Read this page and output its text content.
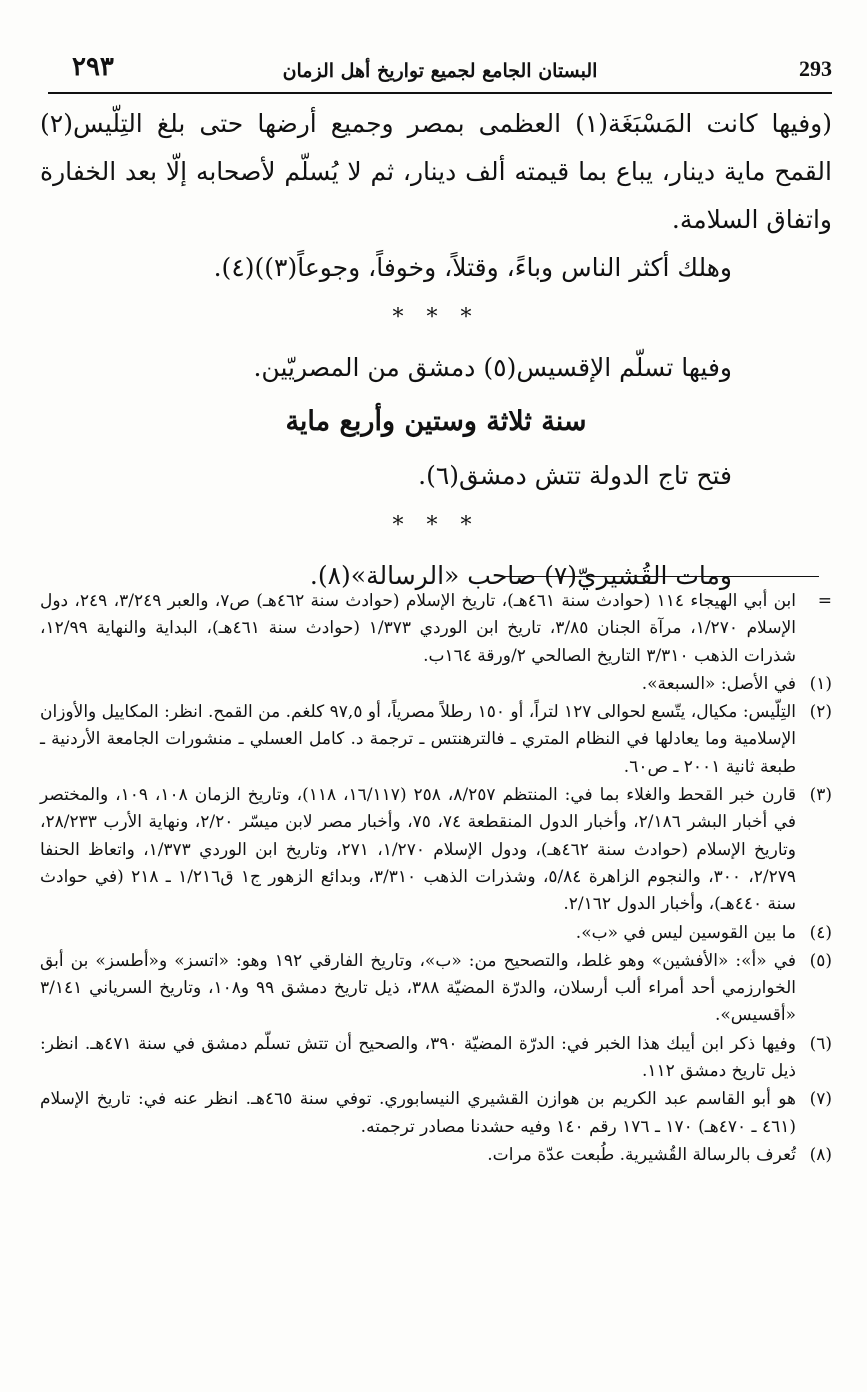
٢٩٣	البستان الجامع لجميع تواريخ أهل الزمان	293

(وفيها كانت المَسْبَغَة(١) العظمى بمصر وجميع أرضها حتى بلغ التِلّيس(٢) القمح ماية دينار، يباع بما قيمته ألف دينار، ثم لا يُسلّم لأصحابه إلّا بعد الخفارة واتفاق السلامة.

وهلك أكثر الناس وباءً، وقتلاً، وخوفاً، وجوعاً(٣))(٤).

* * *

وفيها تسلّم الإقسيس(٥) دمشق من المصريّين.

سنة ثلاثة وستين وأربع ماية

فتح تاج الدولة تتش دمشق(٦).

* * *

ومات القُشيريّ(٧) صاحب «الرسالة»(٨).

=
ابن أبي الهيجاء ١١٤ (حوادث سنة ٤٦١هـ)، تاريخ الإسلام (حوادث سنة ٤٦٢هـ) ص٧، والعبر ٣/٢٤٩، ٢٤٩، دول الإسلام ١/٢٧٠، مرآة الجنان ٣/٨٥، تاريخ ابن الوردي ١/٣٧٣ (حوادث سنة ٤٦١هـ)، البداية والنهاية ١٢/٩٩، شذرات الذهب ٣/٣١٠ التاريخ الصالحي ٢/ورقة ١٦٤ب.

(١)
في الأصل: «السبعة».

(٢)
التِلّيس: مكيال، يتّسع لحوالى ١٢٧ لتراً، أو ١٥٠ رطلاً مصرياً، أو ٩٧,٥ كلغم. من القمح. انظر: المكاييل والأوزان الإسلامية وما يعادلها في النظام المتري ـ فالترهنتس ـ ترجمة د. كامل العسلي ـ منشورات الجامعة الأردنية ـ طبعة ثانية ٢٠٠١ ـ ص٦٠.

(٣)
قارن خبر القحط والغلاء بما في: المنتظم ٨/٢٥٧، ٢٥٨ (١٦/١١٧، ١١٨)، وتاريخ الزمان ١٠٨، ١٠٩، والمختصر في أخبار البشر ٢/١٨٦، وأخبار الدول المنقطعة ٧٤، ٧٥، وأخبار مصر لابن ميسّر ٢/٢٠، ونهاية الأرب ٢٨/٢٣٣، وتاريخ الإسلام (حوادث سنة ٤٦٢هـ)، ودول الإسلام ١/٢٧٠، ٢٧١، وتاريخ ابن الوردي ١/٣٧٣، واتعاظ الحنفا ٢/٢٧٩، ٣٠٠، والنجوم الزاهرة ٥/٨٤، وشذرات الذهب ٣/٣١٠، وبدائع الزهور ج١ ق١/٢١٦ ـ ٢١٨ (في حوادث سنة ٤٤٠هـ)، وأخبار الدول ٢/١٦٢.

(٤)
ما بين القوسين ليس في «ب».

(٥)
في «أ»: «الأفشين» وهو غلط، والتصحيح من: «ب»، وتاريخ الفارقي ١٩٢ وهو: «اتسز» و«أطسز» بن أبق الخوارزمي أحد أمراء ألب أرسلان، والدرّة المضيّة ٣٨٨، ذيل تاريخ دمشق ٩٩ و١٠٨، وتاريخ السرياني ٣/١٤١ «أقسيس».

(٦)
وفيها ذكر ابن أيبك هذا الخبر في: الدرّة المضيّة ٣٩٠، والصحيح أن تتش تسلّم دمشق في سنة ٤٧١هـ. انظر: ذيل تاريخ دمشق ١١٢.

(٧)
هو أبو القاسم عبد الكريم بن هوازن القشيري النيسابوري. توفي سنة ٤٦٥هـ. انظر عنه في: تاريخ الإسلام (٤٦١ ـ ٤٧٠هـ) ١٧٠ ـ ١٧٦ رقم ١٤٠ وفيه حشدنا مصادر ترجمته.

(٨)
تُعرف بالرسالة القُشيرية. طُبعت عدّة مرات.
